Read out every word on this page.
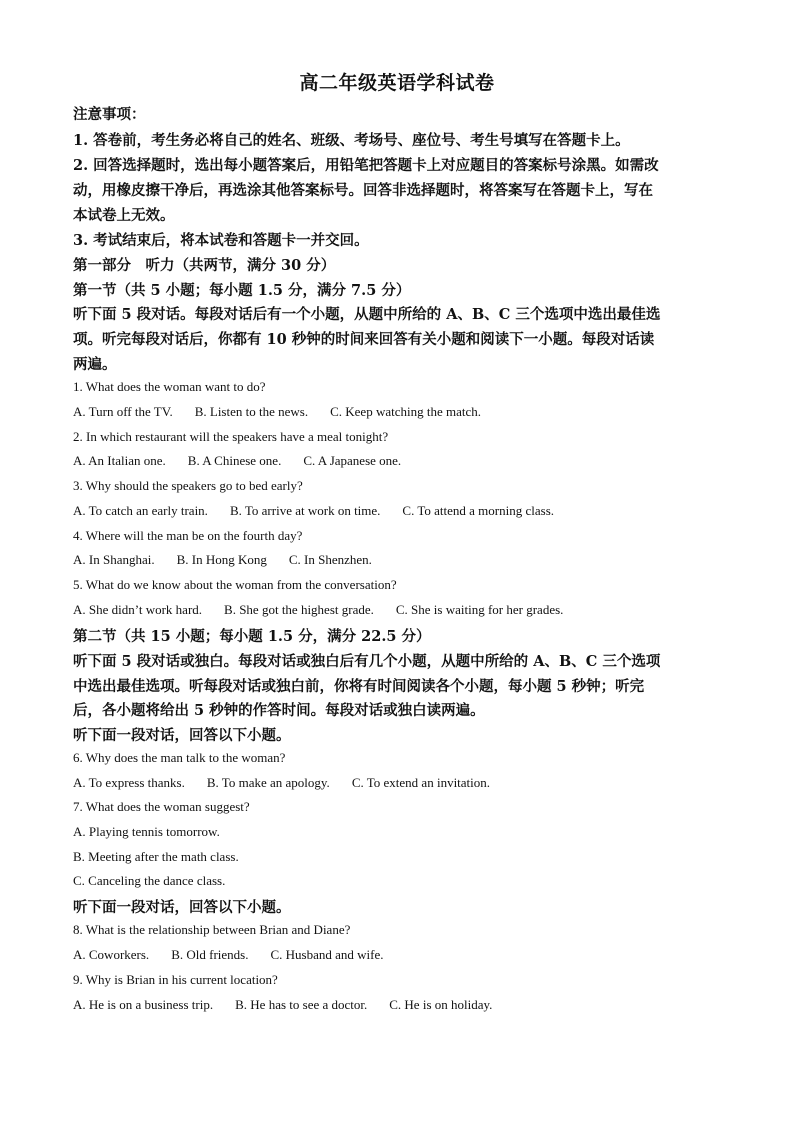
高二年级英语学科试卷
注意事项：
1. 答卷前，考生务必将自己的姓名、班级、考场号、座位号、考生号填写在答题卡上。
2. 回答选择题时，选出每小题答案后，用铅笔把答题卡上对应题目的答案标号涂黑。如需改
动，用橡皮擦干净后，再选涂其他答案标号。回答非选择题时，将答案写在答题卡上，写在
本试卷上无效。
3. 考试结束后，将本试卷和答题卡一并交回。
第一部分　听力（共两节，满分 30 分）
第一节（共 5 小题；每小题 1.5 分，满分 7.5 分）
听下面 5 段对话。每段对话后有一个小题，从题中所给的 A、B、C 三个选项中选出最佳选
项。听完每段对话后，你都有 10 秒钟的时间来回答有关小题和阅读下一小题。每段对话读
两遍。
1. What does the woman want to do?
A. Turn off the TV. B. Listen to the news. C. Keep watching the match.
2. In which restaurant will the speakers have a meal tonight?
A. An Italian one. B. A Chinese one. C. A Japanese one.
3. Why should the speakers go to bed early?
A. To catch an early train. B. To arrive at work on time. C. To attend a morning class.
4. Where will the man be on the fourth day?
A. In Shanghai. B. In Hong Kong C. In Shenzhen.
5. What do we know about the woman from the conversation?
A. She didn’t work hard. B. She got the highest grade. C. She is waiting for her grades.
第二节（共 15 小题；每小题 1.5 分，满分 22.5 分）
听下面 5 段对话或独白。每段对话或独白后有几个小题，从题中所给的 A、B、C 三个选项
中选出最佳选项。听每段对话或独白前，你将有时间阅读各个小题，每小题 5 秒钟；听完
后，各小题将给出 5 秒钟的作答时间。每段对话或独白读两遍。
听下面一段对话，回答以下小题。
6. Why does the man talk to the woman?
A. To express thanks. B. To make an apology. C. To extend an invitation.
7. What does the woman suggest?
A. Playing tennis tomorrow.
B. Meeting after the math class.
C. Canceling the dance class.
听下面一段对话，回答以下小题。
8. What is the relationship between Brian and Diane?
A. Coworkers. B. Old friends. C. Husband and wife.
9. Why is Brian in his current location?
A. He is on a business trip. B. He has to see a doctor. C. He is on holiday.
